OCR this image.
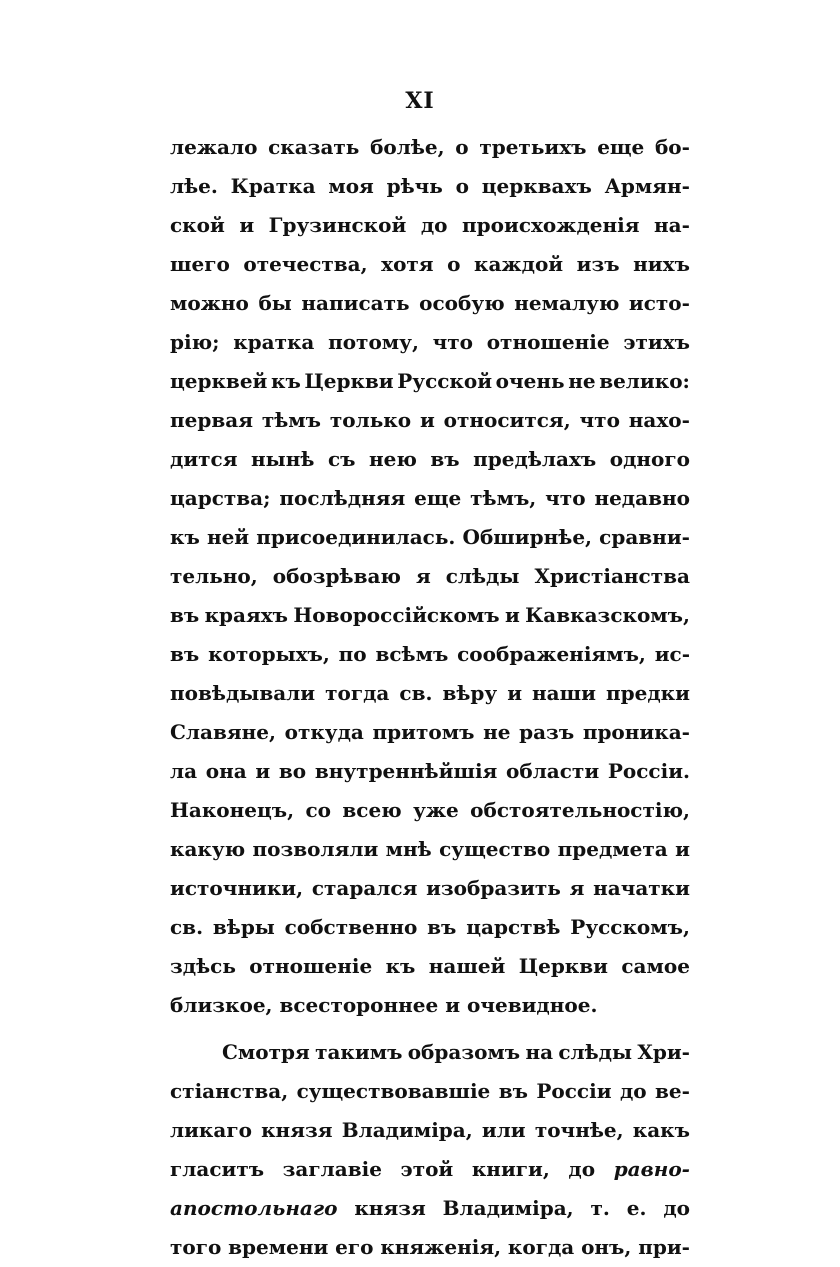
XI
лежало сказать болѣе, о третьихъ еще бо-
лѣе. Кратка моя рѣчь о церквахъ Армян-
ской и Грузинской до происхожденія на-
шего отечества, хотя о каждой изъ нихъ
можно бы написать особую немалую исто-
рію; кратка потому, что отношеніе этихъ
церквей къ Церкви Русской очень не велико:
первая тѣмъ только и относится, что нахо-
дится нынѣ съ нею въ предѣлахъ одного
царства; послѣдняя еще тѣмъ, что недавно
къ ней присоединилась. Обширнѣе, сравни-
тельно, обозрѣваю я слѣды Христіанства
въ краяхъ Новороссійскомъ и Кавказскомъ,
въ которыхъ, по всѣмъ соображеніямъ, ис-
повѣдывали тогда св. вѣру и наши предки
Славяне, откуда притомъ не разъ проника-
ла она и во внутреннѣйшія области Россіи.
Наконецъ, со всею уже обстоятельностію,
какую позволяли мнѣ существо предмета и
источники, старался изобразить я начатки
св. вѣры собственно въ царствѣ Русскомъ,
здѣсь отношеніе къ нашей Церкви самое
близкое, всестороннее и очевидное.
Смотря такимъ образомъ на слѣды Хри-
стіанства, существовавшіе въ Россіи до ве-
ликаго князя Владиміра, или точнѣе, какъ
гласитъ заглавіе этой книги, до равно-
апостольнаго князя Владиміра, т. е. до
того времени его княженія, когда онъ, при-
